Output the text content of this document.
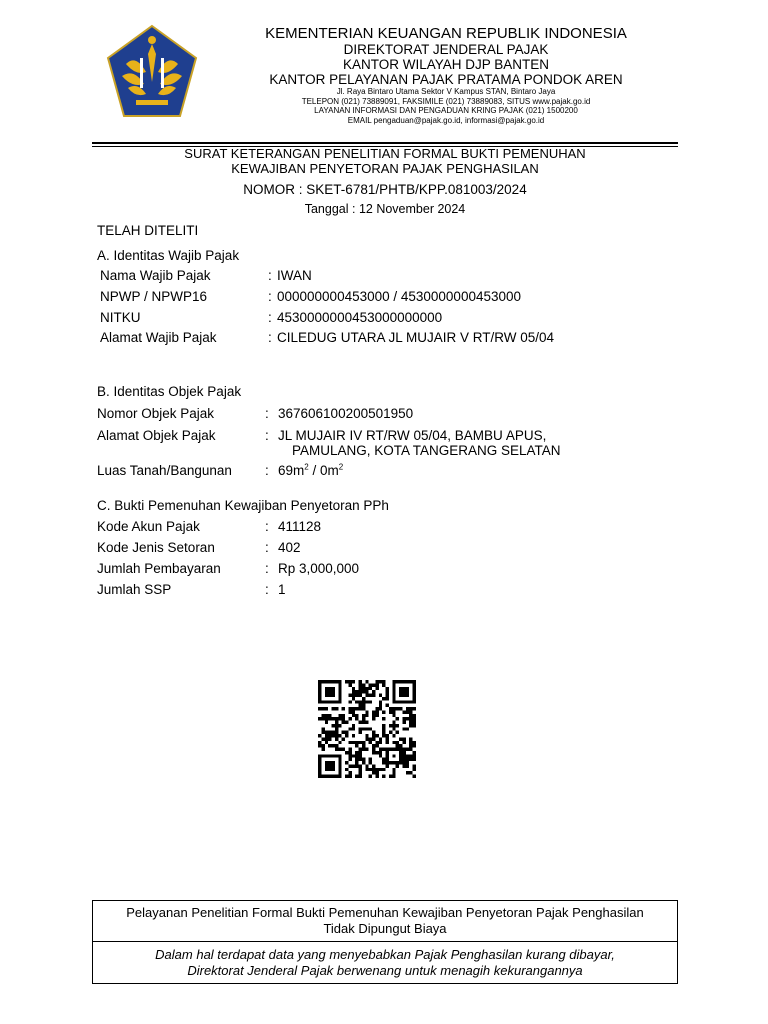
KEMENTERIAN KEUANGAN REPUBLIK INDONESIA
DIREKTORAT JENDERAL PAJAK
KANTOR WILAYAH DJP BANTEN
KANTOR PELAYANAN PAJAK PRATAMA PONDOK AREN
Jl. Raya Bintaro Utama Sektor V Kampus STAN, Bintaro Jaya
TELEPON (021) 73889091, FAKSIMILE (021) 73889083, SITUS www.pajak.go.id
LAYANAN INFORMASI DAN PENGADUAN KRING PAJAK (021) 1500200
EMAIL pengaduan@pajak.go.id, informasi@pajak.go.id
SURAT KETERANGAN PENELITIAN FORMAL BUKTI PEMENUHAN
KEWAJIBAN PENYETORAN PAJAK PENGHASILAN
NOMOR : SKET-6781/PHTB/KPP.081003/2024
Tanggal : 12 November 2024
TELAH DITELITI
A. Identitas Wajib Pajak
Nama Wajib Pajak	: IWAN
NPWP / NPWP16	: 000000000453000 / 4530000000453000
NITKU	: 4530000000453000000000
Alamat Wajib Pajak	: CILEDUG UTARA JL MUJAIR V RT/RW 05/04
B. Identitas Objek Pajak
Nomor Objek Pajak	: 367606100200501950
Alamat Objek Pajak	: JL MUJAIR IV RT/RW 05/04, BAMBU APUS,
PAMULANG, KOTA TANGERANG SELATAN
Luas Tanah/Bangunan : $69m^2 / 0m^2$
C. Bukti Pemenuhan Kewajiban Penyetoran PPh
Kode Akun Pajak	: 411128
Kode Jenis Setoran	: 402
Jumlah Pembayaran	: Rp 3,000,000
Jumlah SSP	: 1
Pelayanan Penelitian Formal Bukti Pemenuhan Kewajiban Penyetoran Pajak Penghasilan
Tidak Dipungut Biaya
Dalam hal terdapat data yang menyebabkan Pajak Penghasilan kurang dibayar,
Direktorat Jenderal Pajak berwenang untuk menagih kekurangannya
